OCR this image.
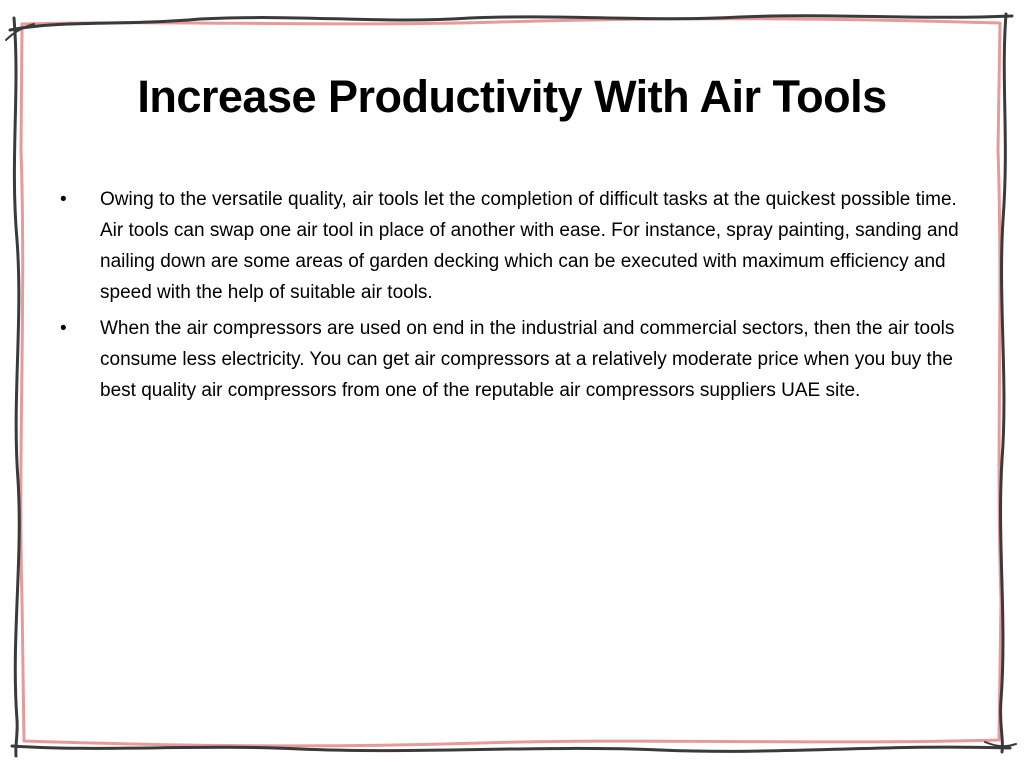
Increase Productivity With Air Tools
• Owing to the versatile quality, air tools let the completion of difficult tasks at the quickest possible time. Air tools can swap one air tool in place of another with ease. For instance, spray painting, sanding and nailing down are some areas of garden decking which can be executed with maximum efficiency and speed with the help of suitable air tools.
• When the air compressors are used on end in the industrial and commercial sectors, then the air tools consume less electricity. You can get air compressors at a relatively moderate price when you buy the best quality air compressors from one of the reputable air compressors suppliers UAE site.
